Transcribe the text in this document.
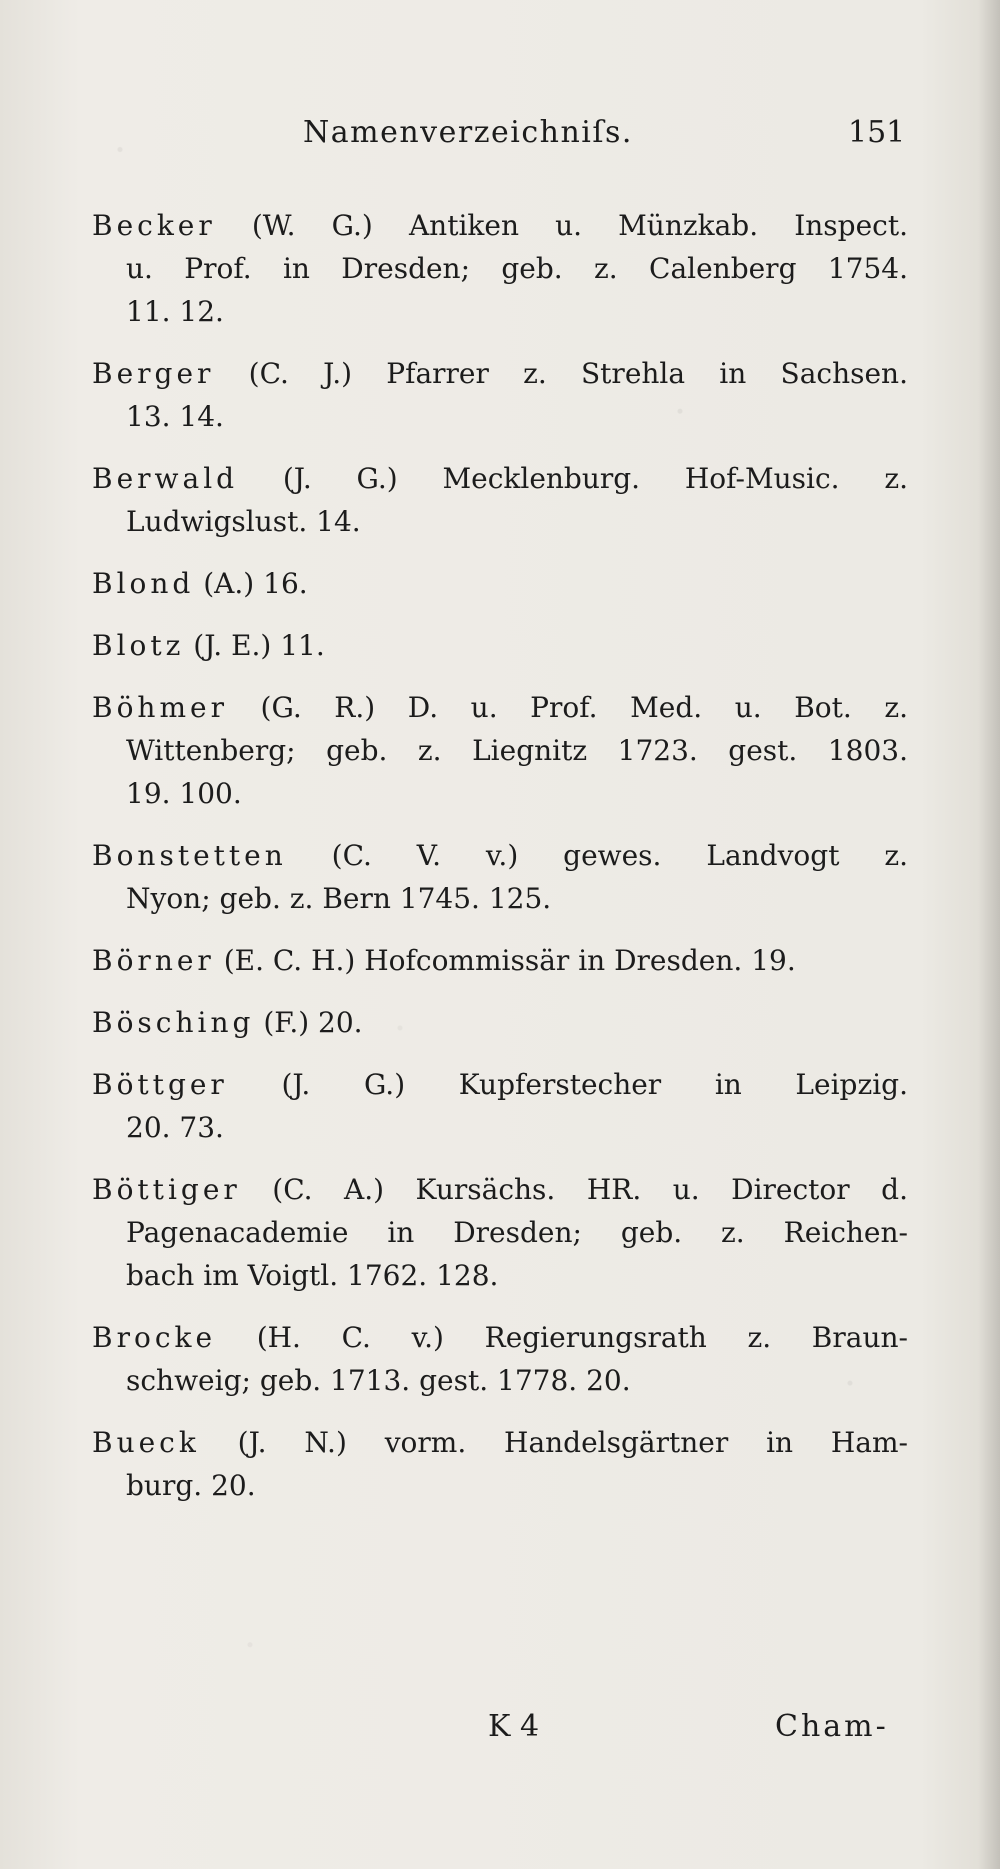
Namenverzeichniſs.	151
Becker (W. G.) Antiken u. Münzkab. Inspect.
u. Prof. in Dresden; geb. z. Calenberg 1754.
11. 12.
Berger (C. J.) Pfarrer z. Strehla in Sachsen.
13. 14.
Berwald (J. G.) Mecklenburg. Hof-Music. z.
Ludwigslust. 14.
Blond (A.) 16.
Blotz (J. E.) 11.
Böhmer (G. R.) D. u. Prof. Med. u. Bot. z.
Wittenberg; geb. z. Liegnitz 1723. gest. 1803.
19. 100.
Bonstetten (C. V. v.) gewes. Landvogt z.
Nyon; geb. z. Bern 1745. 125.
Börner (E. C. H.) Hofcommissär in Dresden. 19.
Bösching (F.) 20.
Böttger (J. G.) Kupferstecher in Leipzig.
20. 73.
Böttiger (C. A.) Kursächs. HR. u. Director d.
Pagenacademie in Dresden; geb. z. Reichen-
bach im Voigtl. 1762. 128.
Brocke (H. C. v.) Regierungsrath z. Braun-
schweig; geb. 1713. gest. 1778. 20.
Bueck (J. N.) vorm. Handelsgärtner in Ham-
burg. 20.
K 4	Cham-
